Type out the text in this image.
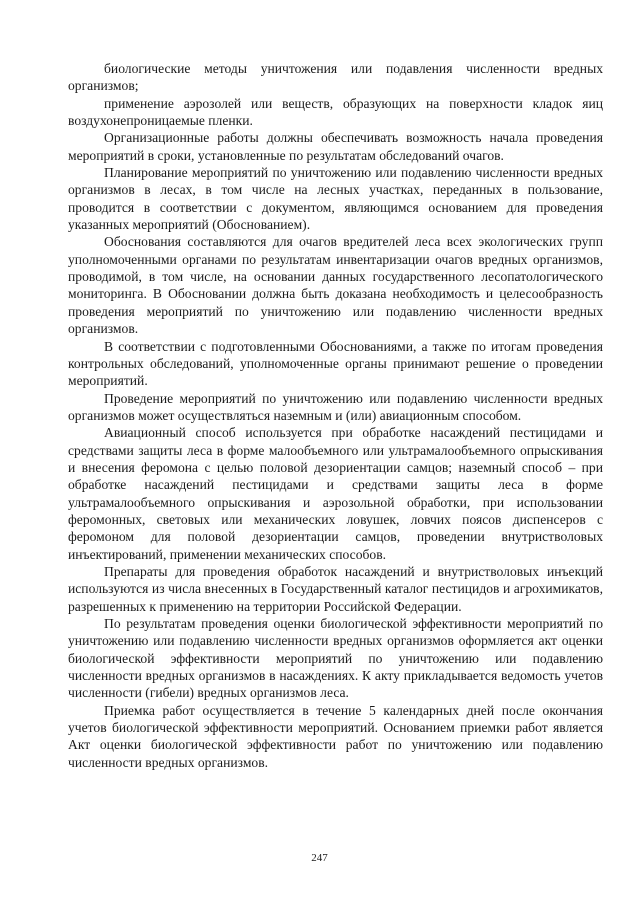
биологические методы уничтожения или подавления численности вредных организмов;

применение аэрозолей или веществ, образующих на поверхности кладок яиц воздухонепроницаемые пленки.

Организационные работы должны обеспечивать возможность начала проведения мероприятий в сроки, установленные по результатам обследований очагов.

Планирование мероприятий по уничтожению или подавлению численности вредных организмов в лесах, в том числе на лесных участках, переданных в пользование, проводится в соответствии с документом, являющимся основанием для проведения указанных мероприятий (Обоснованием).

Обоснования составляются для очагов вредителей леса всех экологических групп уполномоченными органами по результатам инвентаризации очагов вредных организмов, проводимой, в том числе, на основании данных государственного лесопатологического мониторинга. В Обосновании должна быть доказана необходимость и целесообразность проведения мероприятий по уничтожению или подавлению численности вредных организмов.

В соответствии с подготовленными Обоснованиями, а также по итогам проведения контрольных обследований, уполномоченные органы принимают решение о проведении мероприятий.

Проведение мероприятий по уничтожению или подавлению численности вредных организмов может осуществляться наземным и (или) авиационным способом.

Авиационный способ используется при обработке насаждений пестицидами и средствами защиты леса в форме малообъемного или ультрамалообъемного опрыскивания и внесения феромона с целью половой дезориентации самцов; наземный способ – при обработке насаждений пестицидами и средствами защиты леса в форме ультрамалообъемного опрыскивания и аэрозольной обработки, при использовании феромонных, световых или механических ловушек, ловчих поясов диспенсеров с феромоном для половой дезориентации самцов, проведении внутристволовых инъектирований, применении механических способов.

Препараты для проведения обработок насаждений и внутристволовых инъекций используются из числа внесенных в Государственный каталог пестицидов и агрохимикатов, разрешенных к применению на территории Российской Федерации.

По результатам проведения оценки биологической эффективности мероприятий по уничтожению или подавлению численности вредных организмов оформляется акт оценки биологической эффективности мероприятий по уничтожению или подавлению численности вредных организмов в насаждениях. К акту прикладывается ведомость учетов численности (гибели) вредных организмов леса.

Приемка работ осуществляется в течение 5 календарных дней после окончания учетов биологической эффективности мероприятий. Основанием приемки работ является Акт оценки биологической эффективности работ по уничтожению или подавлению численности вредных организмов.

247
